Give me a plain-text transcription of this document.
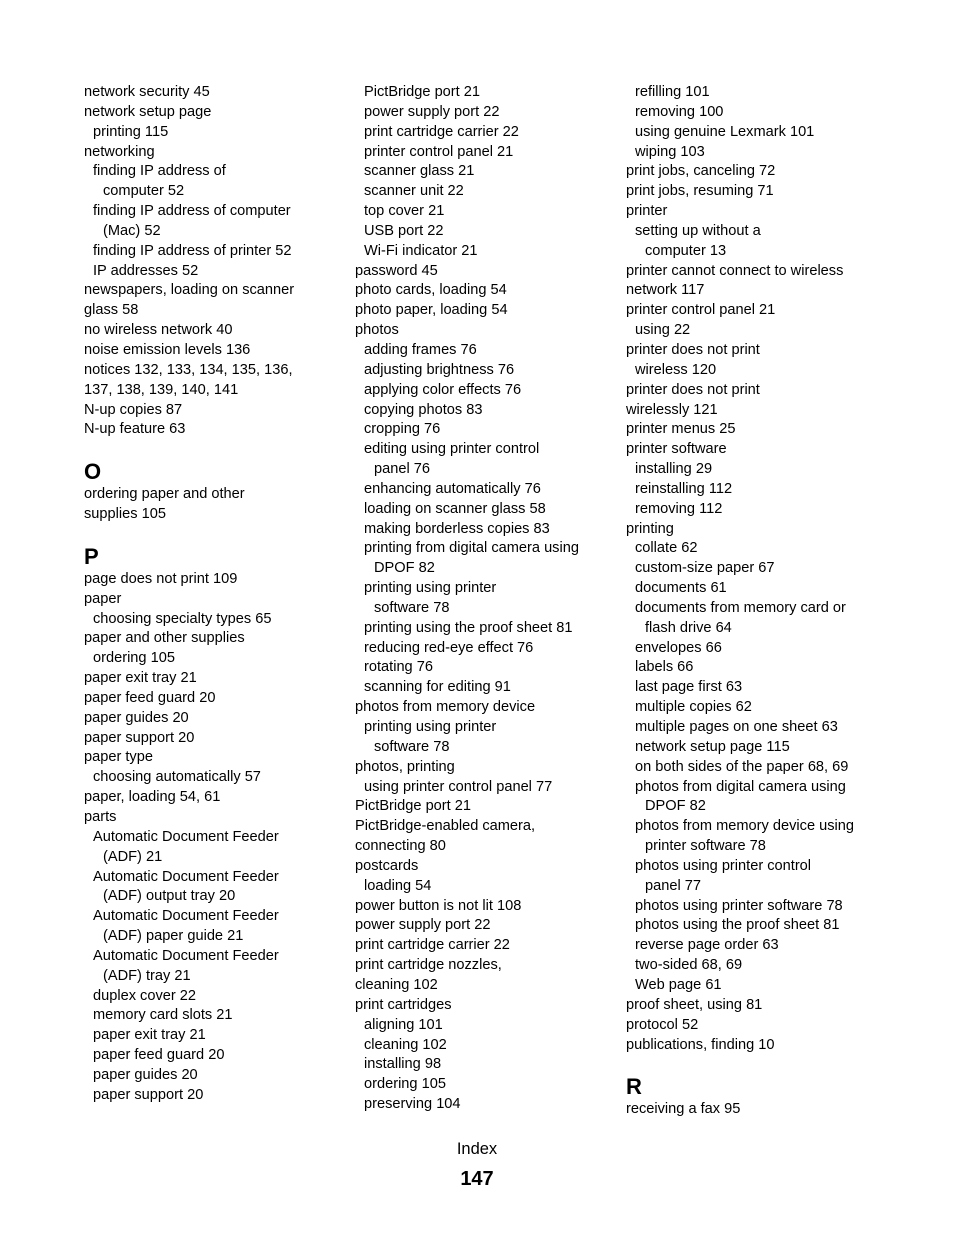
network security 45
network setup page
printing 115
networking
finding IP address of
computer 52
finding IP address of computer
(Mac) 52
finding IP address of printer 52
IP addresses 52
newspapers, loading on scanner
glass 58
no wireless network 40
noise emission levels 136
notices 132, 133, 134, 135, 136,
137, 138, 139, 140, 141
N-up copies 87
N-up feature 63
O
ordering paper and other
supplies 105
P
page does not print 109
paper
choosing specialty types 65
paper and other supplies
ordering 105
paper exit tray 21
paper feed guard 20
paper guides 20
paper support 20
paper type
choosing automatically 57
paper, loading 54, 61
parts
Automatic Document Feeder
(ADF) 21
Automatic Document Feeder
(ADF) output tray 20
Automatic Document Feeder
(ADF) paper guide 21
Automatic Document Feeder
(ADF) tray 21
duplex cover 22
memory card slots 21
paper exit tray 21
paper feed guard 20
paper guides 20
paper support 20
PictBridge port 21
power supply port 22
print cartridge carrier 22
printer control panel 21
scanner glass 21
scanner unit 22
top cover 21
USB port 22
Wi-Fi indicator 21
password 45
photo cards, loading 54
photo paper, loading 54
photos
adding frames 76
adjusting brightness 76
applying color effects 76
copying photos 83
cropping 76
editing using printer control
panel 76
enhancing automatically 76
loading on scanner glass 58
making borderless copies 83
printing from digital camera using
DPOF 82
printing using printer
software 78
printing using the proof sheet 81
reducing red-eye effect 76
rotating 76
scanning for editing 91
photos from memory device
printing using printer
software 78
photos, printing
using printer control panel 77
PictBridge port 21
PictBridge-enabled camera,
connecting 80
postcards
loading 54
power button is not lit 108
power supply port 22
print cartridge carrier 22
print cartridge nozzles,
cleaning 102
print cartridges
aligning 101
cleaning 102
installing 98
ordering 105
preserving 104
refilling 101
removing 100
using genuine Lexmark 101
wiping 103
print jobs, canceling 72
print jobs, resuming 71
printer
setting up without a
computer 13
printer cannot connect to wireless
network 117
printer control panel 21
using 22
printer does not print
wireless 120
printer does not print
wirelessly 121
printer menus 25
printer software
installing 29
reinstalling 112
removing 112
printing
collate 62
custom-size paper 67
documents 61
documents from memory card or
flash drive 64
envelopes 66
labels 66
last page first 63
multiple copies 62
multiple pages on one sheet 63
network setup page 115
on both sides of the paper 68, 69
photos from digital camera using
DPOF 82
photos from memory device using
printer software 78
photos using printer control
panel 77
photos using printer software 78
photos using the proof sheet 81
reverse page order 63
two-sided 68, 69
Web page 61
proof sheet, using 81
protocol 52
publications, finding 10
R
receiving a fax 95
Index
147
